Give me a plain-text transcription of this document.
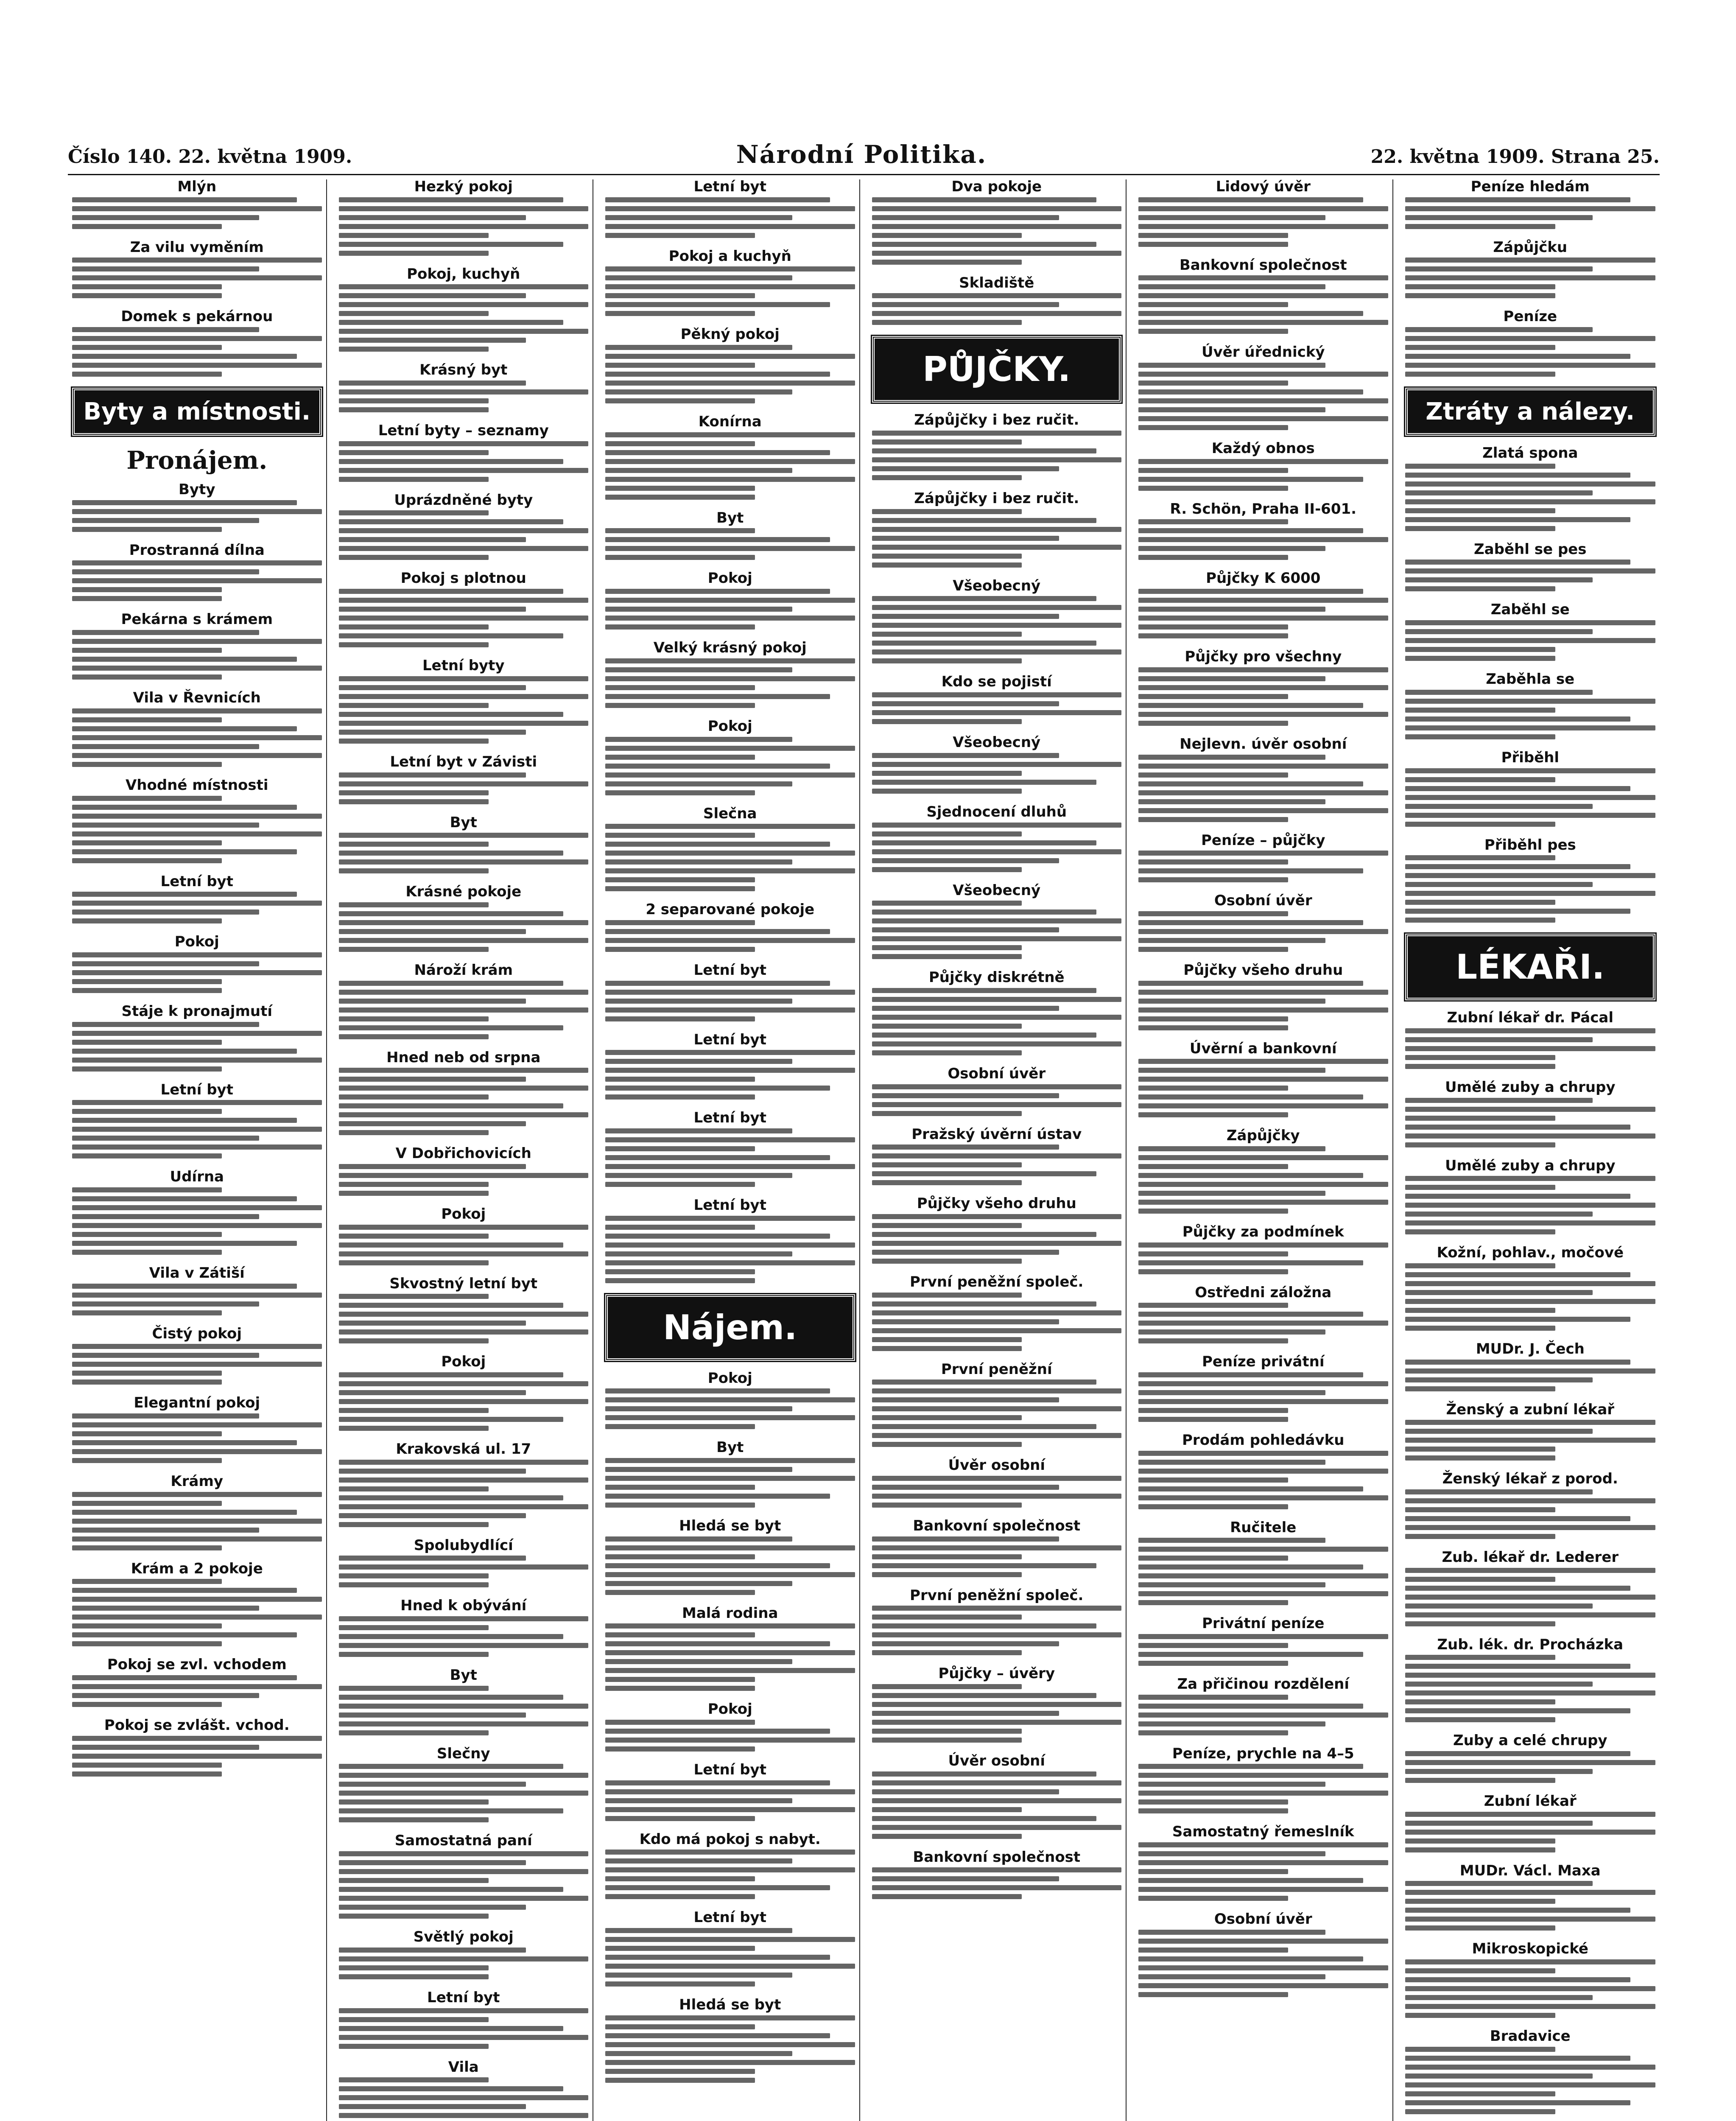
Číslo 140. 22. května 1909.	Národní Politika.	22. května 1909. Strana 25.
Mlýn
Za vilu vyměním
Domek s pekárnou
Byty a místnosti.
Pronájem.
Byty
Prostranná dílna
Pekárna s krámem
Vila v Řevnicích
Vhodné místnosti
Letní byt
Pokoj
Stáje k pronajmutí
Letní byt
Udírna
Vila v Zátiší
Čistý pokoj
Elegantní pokoj
Krámy
Krám a 2 pokoje
Pokoj se zvl. vchodem
Pokoj se zvlášt. vchod.
Hezký pokoj
Pokoj, kuchyň
Krásný byt
Letní byty – seznamy
Uprázdněné byty
Pokoj s plotnou
Letní byty
Letní byt v Závisti
Byt
Krásné pokoje
Nároží krám
Hned neb od srpna
V Dobřichovicích
Pokoj
Skvostný letní byt
Pokoj
Krakovská ul. 17
Spolubydlící
Hned k obývání
Byt
Slečny
Samostatná paní
Světlý pokoj
Letní byt
Vila
Letní byt
Pokoj a kuchyň
Pěkný pokoj
Konírna
Byt
Pokoj
Velký krásný pokoj
Pokoj
Slečna
2 separované pokoje
Letní byt
Letní byt
Letní byt
Letní byt
Nájem.
Pokoj
Byt
Hledá se byt
Malá rodina
Pokoj
Letní byt
Kdo má pokoj s nabyt.
Letní byt
Hledá se byt
Dva pokoje
Skladiště
PŮJČKY.
Zápůjčky i bez ručit.
Zápůjčky i bez ručit.
Všeobecný
Kdo se pojistí
Všeobecný
Sjednocení dluhů
Všeobecný
Půjčky diskrétně
Osobní úvěr
Pražský úvěrní ústav
Půjčky všeho druhu
První peněžní společ.
První peněžní
Úvěr osobní
Bankovní společnost
První peněžní společ.
Půjčky – úvěry
Úvěr osobní
Bankovní společnost
Lidový úvěr
Bankovní společnost
Úvěr úřednický
Každý obnos
R. Schön, Praha II-601.
Půjčky K 6000
Půjčky pro všechny
Nejlevn. úvěr osobní
Peníze – půjčky
Osobní úvěr
Půjčky všeho druhu
Úvěrní a bankovní
Zápůjčky
Půjčky za podmínek
Ostředni záložna
Peníze privátní
Prodám pohledávku
Ručitele
Privátní peníze
Za přičinou rozdělení
Peníze, prychle na 4–5
Samostatný řemeslník
Osobní úvěr
Peníze hledám
Zápůjčku
Peníze
Ztráty a nálezy.
Zlatá spona
Zaběhl se pes
Zaběhl se
Zaběhla se
Přiběhl
Přiběhl pes
LÉKAŘI.
Zubní lékař dr. Pácal
Umělé zuby a chrupy
Umělé zuby a chrupy
Kožní, pohlav., močové
MUDr. J. Čech
Ženský a zubní lékař
Ženský lékař z porod.
Zub. lékař dr. Lederer
Zub. lék. dr. Procházka
Zuby a celé chrupy
Zubní lékař
MUDr. Václ. Maxa
Mikroskopické
Bradavice
